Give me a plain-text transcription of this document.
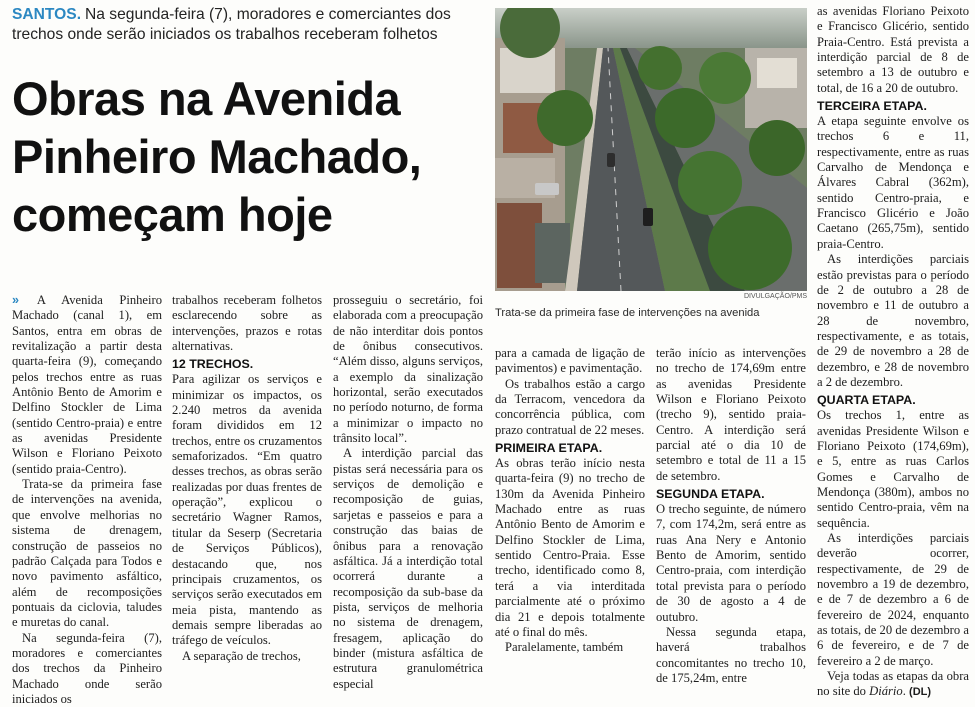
SANTOS. Na segunda-feira (7), moradores e comerciantes dos trechos onde serão iniciados os trabalhos receberam folhetos
Obras na Avenida
Pinheiro Machado,
começam hoje
DIVULGAÇÃO/PMS
Trata-se da primeira fase de intervenções na avenida

» A Avenida Pinheiro Machado (canal 1), em Santos, entra em obras de revitalização a partir desta quarta-feira (9), começando pelos trechos entre as ruas Antônio Bento de Amorim e Delfino Stockler de Lima (sentido Centro-praia) e entre as avenidas Presidente Wilson e Floriano Peixoto (sentido praia-Centro).

Trata-se da primeira fase de intervenções na avenida, que envolve melhorias no sistema de drenagem, construção de passeios no padrão Calçada para Todos e novo pavimento asfáltico, além de recomposições pontuais da ciclovia, taludes e muretas do canal.

Na segunda-feira (7), moradores e comerciantes dos trechos da Pinheiro Machado onde serão iniciados os

trabalhos receberam folhetos esclarecendo sobre as intervenções, prazos e rotas alternativas.

12 TRECHOS.

Para agilizar os serviços e minimizar os impactos, os 2.240 metros da avenida foram divididos em 12 trechos, entre os cruzamentos semaforizados. “Em quatro desses trechos, as obras serão realizadas por duas frentes de operação”, explicou o secretário Wagner Ramos, titular da Seserp (Secretaria de Serviços Públicos), destacando que, nos principais cruzamentos, os serviços serão executados em meia pista, mantendo as demais sempre liberadas ao tráfego de veículos.

A separação de trechos,

prosseguiu o secretário, foi elaborada com a preocupação de não interditar dois pontos de ônibus consecutivos. “Além disso, alguns serviços, a exemplo da sinalização horizontal, serão executados no período noturno, de forma a minimizar o impacto no trânsito local”.

A interdição parcial das pistas será necessária para os serviços de demolição e recomposição de guias, sarjetas e passeios e para a construção das baias de ônibus para a renovação asfáltica. Já a interdição total ocorrerá durante a recomposição da sub-base da pista, serviços de melhoria no sistema de drenagem, fresagem, aplicação do binder (mistura asfáltica de estrutura granulométrica especial

para a camada de ligação de pavimentos) e pavimentação.

Os trabalhos estão a cargo da Terracom, vencedora da concorrência pública, com prazo contratual de 22 meses.

PRIMEIRA ETAPA.

As obras terão início nesta quarta-feira (9) no trecho de 130m da Avenida Pinheiro Machado entre as ruas Antônio Bento de Amorim e Delfino Stockler de Lima, sentido Centro-Praia. Esse trecho, identificado como 8, terá a via interditada parcialmente até o próximo dia 21 e depois totalmente até o final do mês.

Paralelamente, também

terão início as intervenções no trecho de 174,69m entre as avenidas Presidente Wilson e Floriano Peixoto (trecho 9), sentido praia-Centro. A interdição será parcial até o dia 10 de setembro e total de 11 a 15 de setembro.

SEGUNDA ETAPA.

O trecho seguinte, de número 7, com 174,2m, será entre as ruas Ana Nery e Antonio Bento de Amorim, sentido Centro-praia, com interdição total prevista para o período de 30 de agosto a 4 de outubro.

Nessa segunda etapa, haverá trabalhos concomitantes no trecho 10, de 175,24m, entre

as avenidas Floriano Peixoto e Francisco Glicério, sentido Praia-Centro. Está prevista a interdição parcial de 8 de setembro a 13 de outubro e total, de 16 a 20 de outubro.

TERCEIRA ETAPA.

A etapa seguinte envolve os trechos 6 e 11, respectivamente, entre as ruas Carvalho de Mendonça e Álvares Cabral (362m), sentido Centro-praia, e Francisco Glicério e João Caetano (265,75m), sentido praia-Centro.

As interdições parciais estão previstas para o período de 2 de outubro a 28 de novembro e 11 de outubro a 28 de novembro, respectivamente, e as totais, de 29 de novembro a 28 de dezembro, e 28 de novembro a 2 de dezembro.

QUARTA ETAPA.

Os trechos 1, entre as avenidas Presidente Wilson e Floriano Peixoto (174,69m), e 5, entre as ruas Carlos Gomes e Carvalho de Mendonça (380m), ambos no sentido Centro-praia, vêm na sequência.

As interdições parciais deverão ocorrer, respectivamente, de 29 de novembro a 19 de dezembro, e de 7 de dezembro a 6 de fevereiro de 2024, enquanto as totais, de 20 de dezembro a 6 de fevereiro, e de 7 de fevereiro a 2 de março.

Veja todas as etapas da obra no site do Diário. (DL)
